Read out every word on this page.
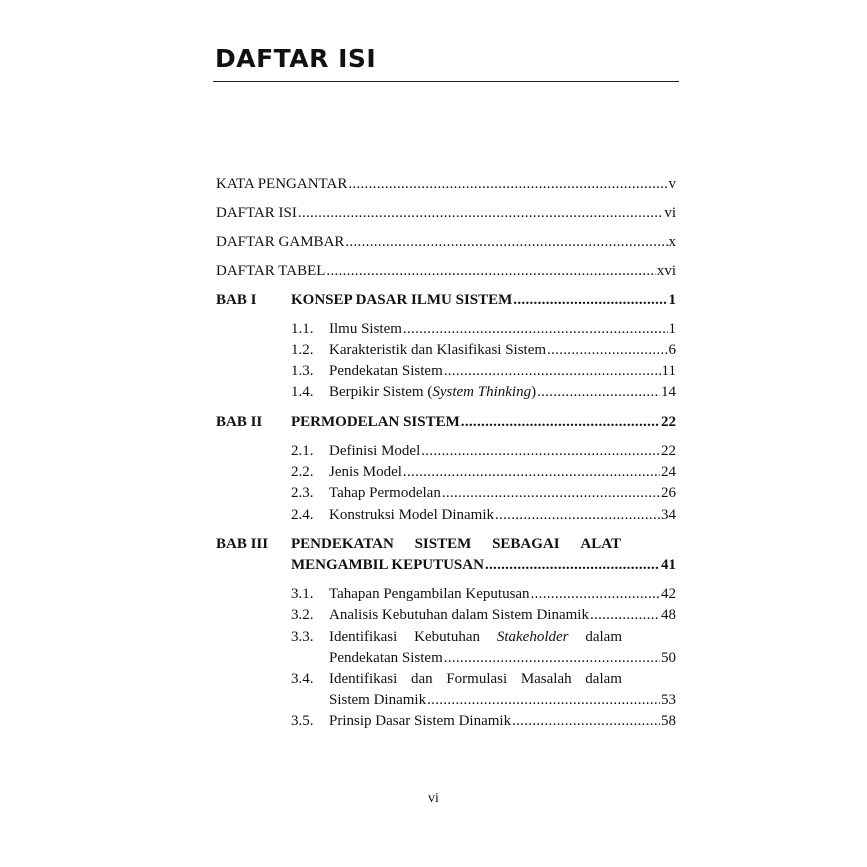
DAFTAR ISI
KATA PENGANTAR .....	v
DAFTAR ISI .....	vi
DAFTAR GAMBAR .....	x
DAFTAR TABEL .....	xvi
BAB I KONSEP DASAR ILMU SISTEM .....	1
1.1. Ilmu Sistem .....	1
1.2. Karakteristik dan Klasifikasi Sistem .....	6
1.3. Pendekatan Sistem .....	11
1.4. Berpikir Sistem (System Thinking) .....	14
BAB II PERMODELAN SISTEM .....	22
2.1. Definisi Model .....	22
2.2. Jenis Model .....	24
2.3. Tahap Permodelan .....	26
2.4. Konstruksi Model Dinamik .....	34
BAB III PENDEKATAN SISTEM SEBAGAI ALAT
MENGAMBIL KEPUTUSAN .....	41
3.1. Tahapan Pengambilan Keputusan .....	42
3.2. Analisis Kebutuhan dalam Sistem Dinamik .....	48
3.3. Identifikasi Kebutuhan Stakeholder dalam
Pendekatan Sistem .....	50
3.4. Identifikasi dan Formulasi Masalah dalam
Sistem Dinamik .....	53
3.5. Prinsip Dasar Sistem Dinamik .....	58
vi
